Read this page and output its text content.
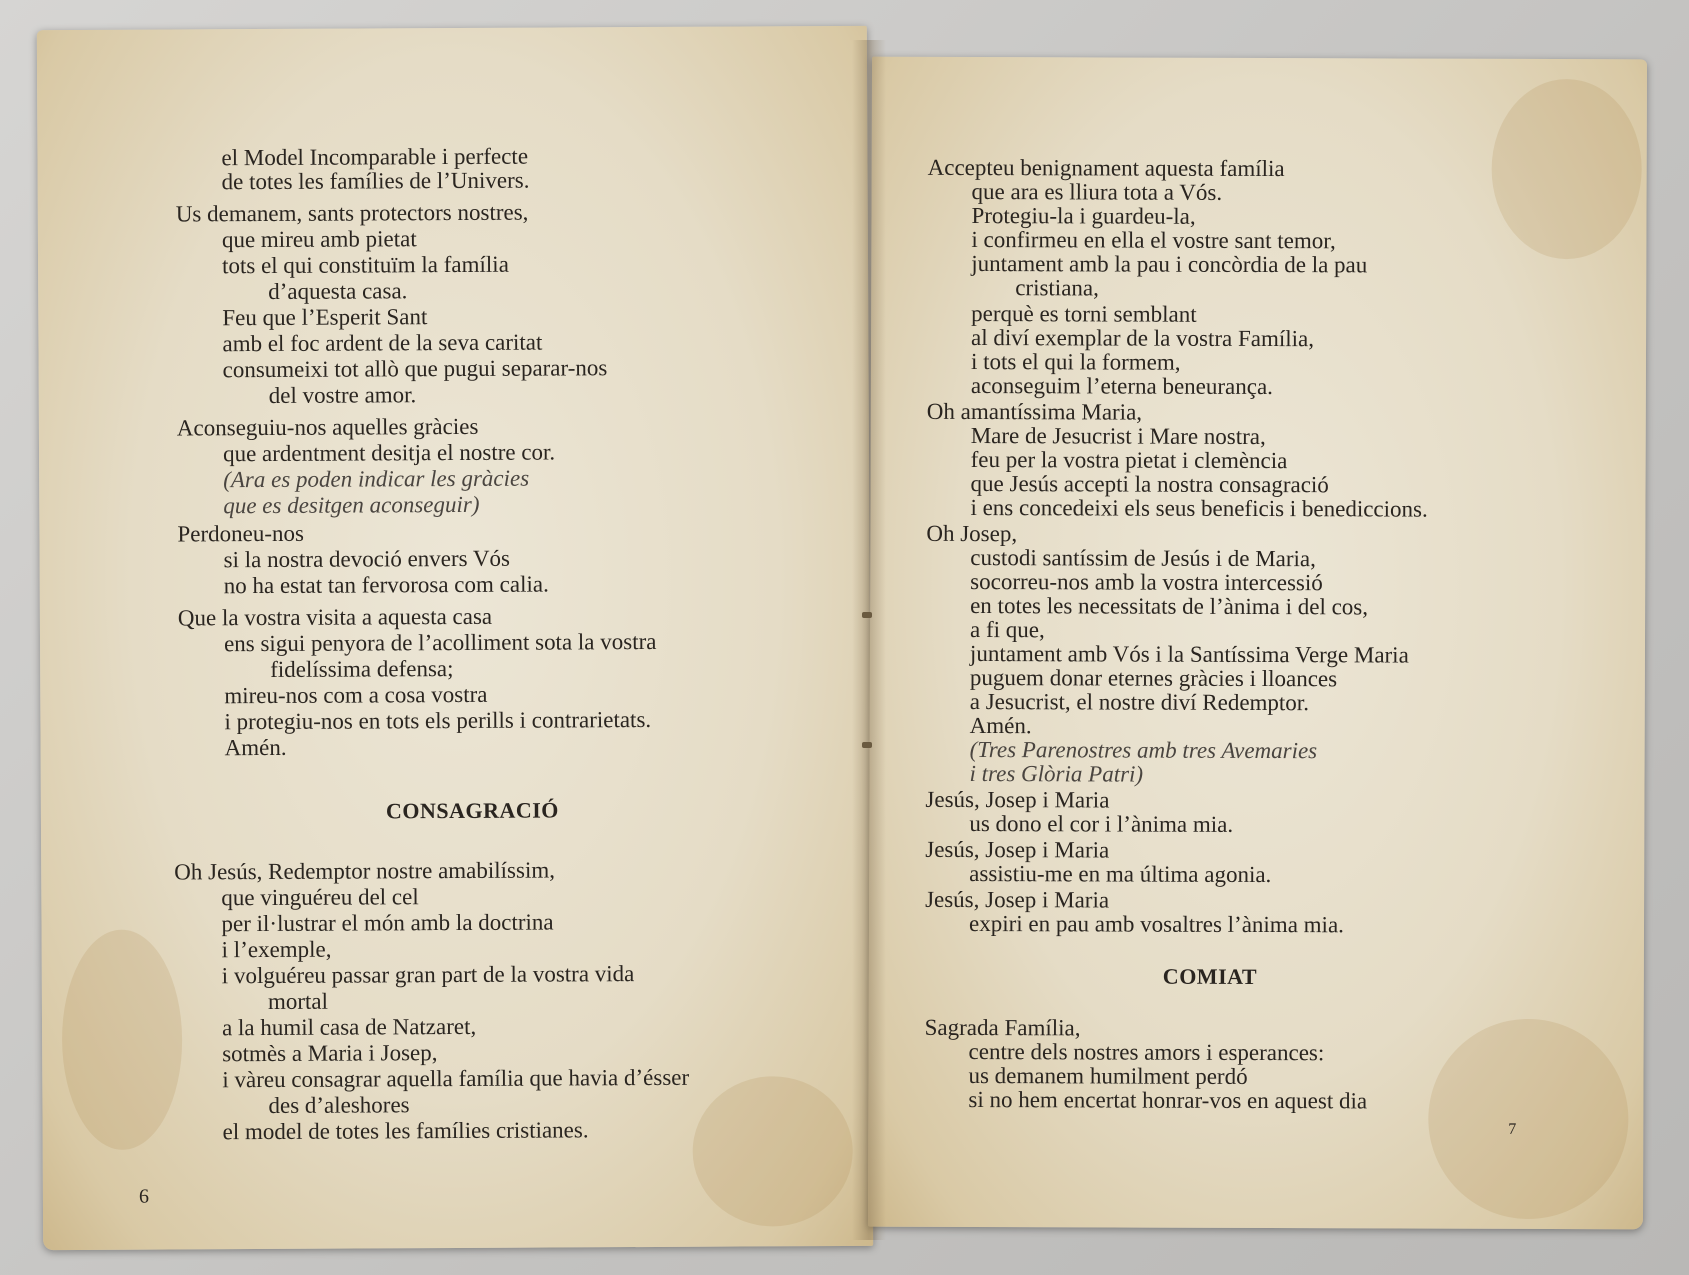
el Model Incomparable i perfecte
de totes les famílies de l’Univers.
Us demanem, sants protectors nostres,
que mireu amb pietat
tots el qui constituïm la família
d’aquesta casa.
Feu que l’Esperit Sant
amb el foc ardent de la seva caritat
consumeixi tot allò que pugui separar-nos
del vostre amor.
Aconseguiu-nos aquelles gràcies
que ardentment desitja el nostre cor.
(Ara es poden indicar les gràcies
que es desitgen aconseguir)
Perdoneu-nos
si la nostra devoció envers Vós
no ha estat tan fervorosa com calia.
Que la vostra visita a aquesta casa
ens sigui penyora de l’acolliment sota la vostra
fidelíssima defensa;
mireu-nos com a cosa vostra
i protegiu-nos en tots els perills i contrarietats.
Amén.
CONSAGRACIÓ
Oh Jesús, Redemptor nostre amabilíssim,
que vinguéreu del cel
per il·lustrar el món amb la doctrina
i l’exemple,
i volguéreu passar gran part de la vostra vida
mortal
a la humil casa de Natzaret,
sotmès a Maria i Josep,
i vàreu consagrar aquella família que havia d’ésser
des d’aleshores
el model de totes les famílies cristianes.
6
Accepteu benignament aquesta família
que ara es lliura tota a Vós.
Protegiu-la i guardeu-la,
i confirmeu en ella el vostre sant temor,
juntament amb la pau i concòrdia de la pau
cristiana,
perquè es torni semblant
al diví exemplar de la vostra Família,
i tots el qui la formem,
aconseguim l’eterna beneurança.
Oh amantíssima Maria,
Mare de Jesucrist i Mare nostra,
feu per la vostra pietat i clemència
que Jesús accepti la nostra consagració
i ens concedeixi els seus beneficis i benediccions.
Oh Josep,
custodi santíssim de Jesús i de Maria,
socorreu-nos amb la vostra intercessió
en totes les necessitats de l’ànima i del cos,
a fi que,
juntament amb Vós i la Santíssima Verge Maria
puguem donar eternes gràcies i lloances
a Jesucrist, el nostre diví Redemptor.
Amén.
(Tres Parenostres amb tres Avemaries
i tres Glòria Patri)
Jesús, Josep i Maria
us dono el cor i l’ànima mia.
Jesús, Josep i Maria
assistiu-me en ma última agonia.
Jesús, Josep i Maria
expiri en pau amb vosaltres l’ànima mia.
COMIAT
Sagrada Família,
centre dels nostres amors i esperances:
us demanem humilment perdó
si no hem encertat honrar-vos en aquest dia
7
